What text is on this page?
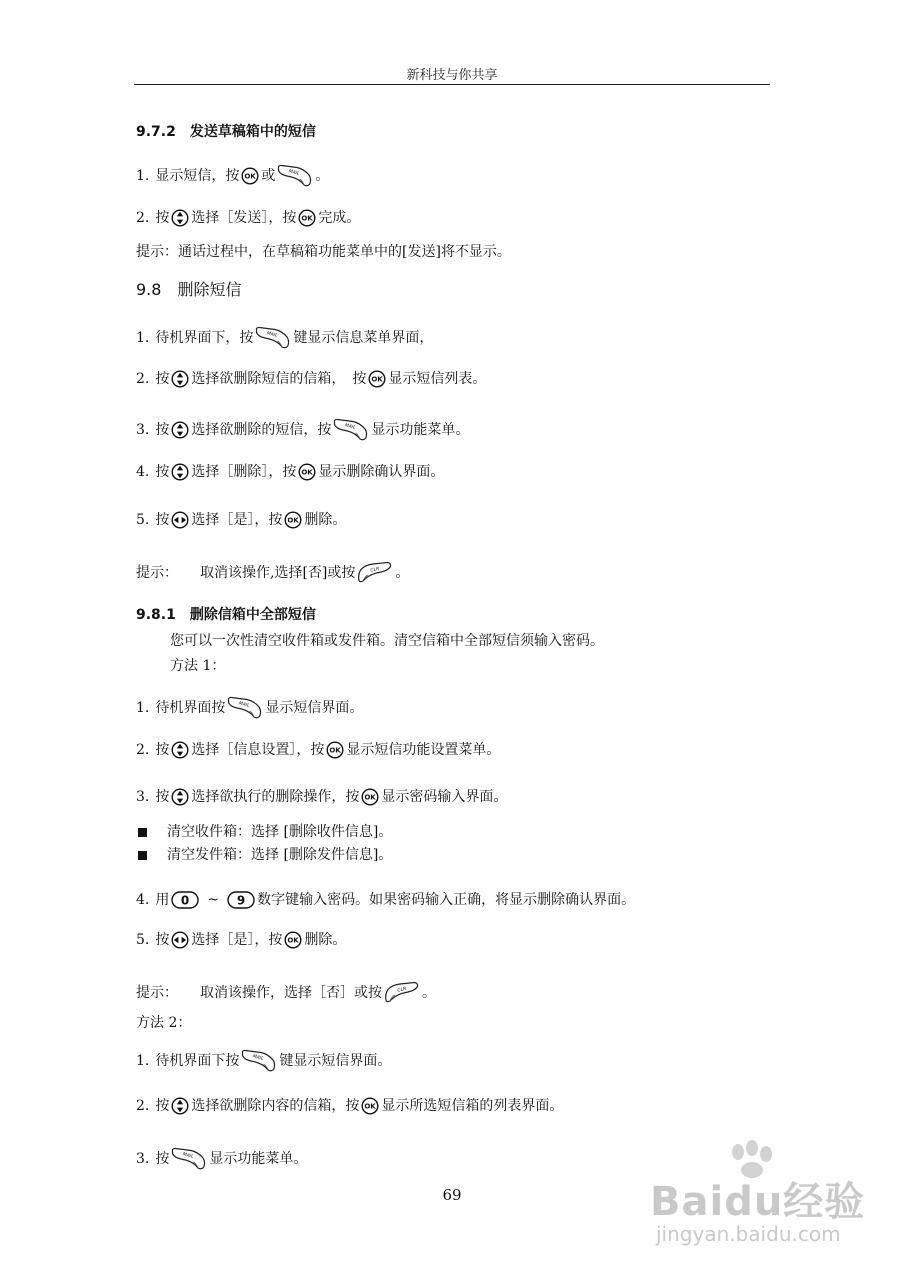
新科技与你共享
9.7.2　发送草稿箱中的短信
1. 显示短信，按 OK 或	MAIL 。
2. 按 选择［发送］，按 OK 完成。
提示：通话过程中，在草稿箱功能菜单中的[发送]将不显示。
9.8　删除短信
1. 待机界面下，按	MAIL 键显示信息菜单界面，
2. 按 选择欲删除短信的信箱，　按 OK 显示短信列表。
3. 按 选择欲删除的短信，按	MAIL 显示功能菜单。
4. 按 选择［删除］，按 OK 显示删除确认界面。
5. 按 选择［是］，按 OK 删除。
提示： 取消该操作,选择[否]或按	CLR 。
9.8.1　删除信箱中全部短信
您可以一次性清空收件箱或发件箱。清空信箱中全部短信须输入密码。
方法 1：
1. 待机界面按	MAIL 显示短信界面。
2. 按 选择［信息设置］，按 OK 显示短信功能设置菜单。
3. 按 选择欲执行的删除操作，按 OK 显示密码输入界面。
清空收件箱：选择 [删除收件信息]。
清空发件箱：选择 [删除发件信息]。
4. 用 0 ~ 9 数字键输入密码。如果密码输入正确，将显示删除确认界面。
5. 按 选择［是］，按 OK 删除。
提示： 取消该操作，选择［否］或按	CLR 。
方法 2：
1. 待机界面下按	MAIL 键显示短信界面。
2. 按 选择欲删除内容的信箱，按 OK 显示所选短信箱的列表界面。
3. 按	MAIL 显示功能菜单。
69	Baidu经验
jingyan.baidu.com
